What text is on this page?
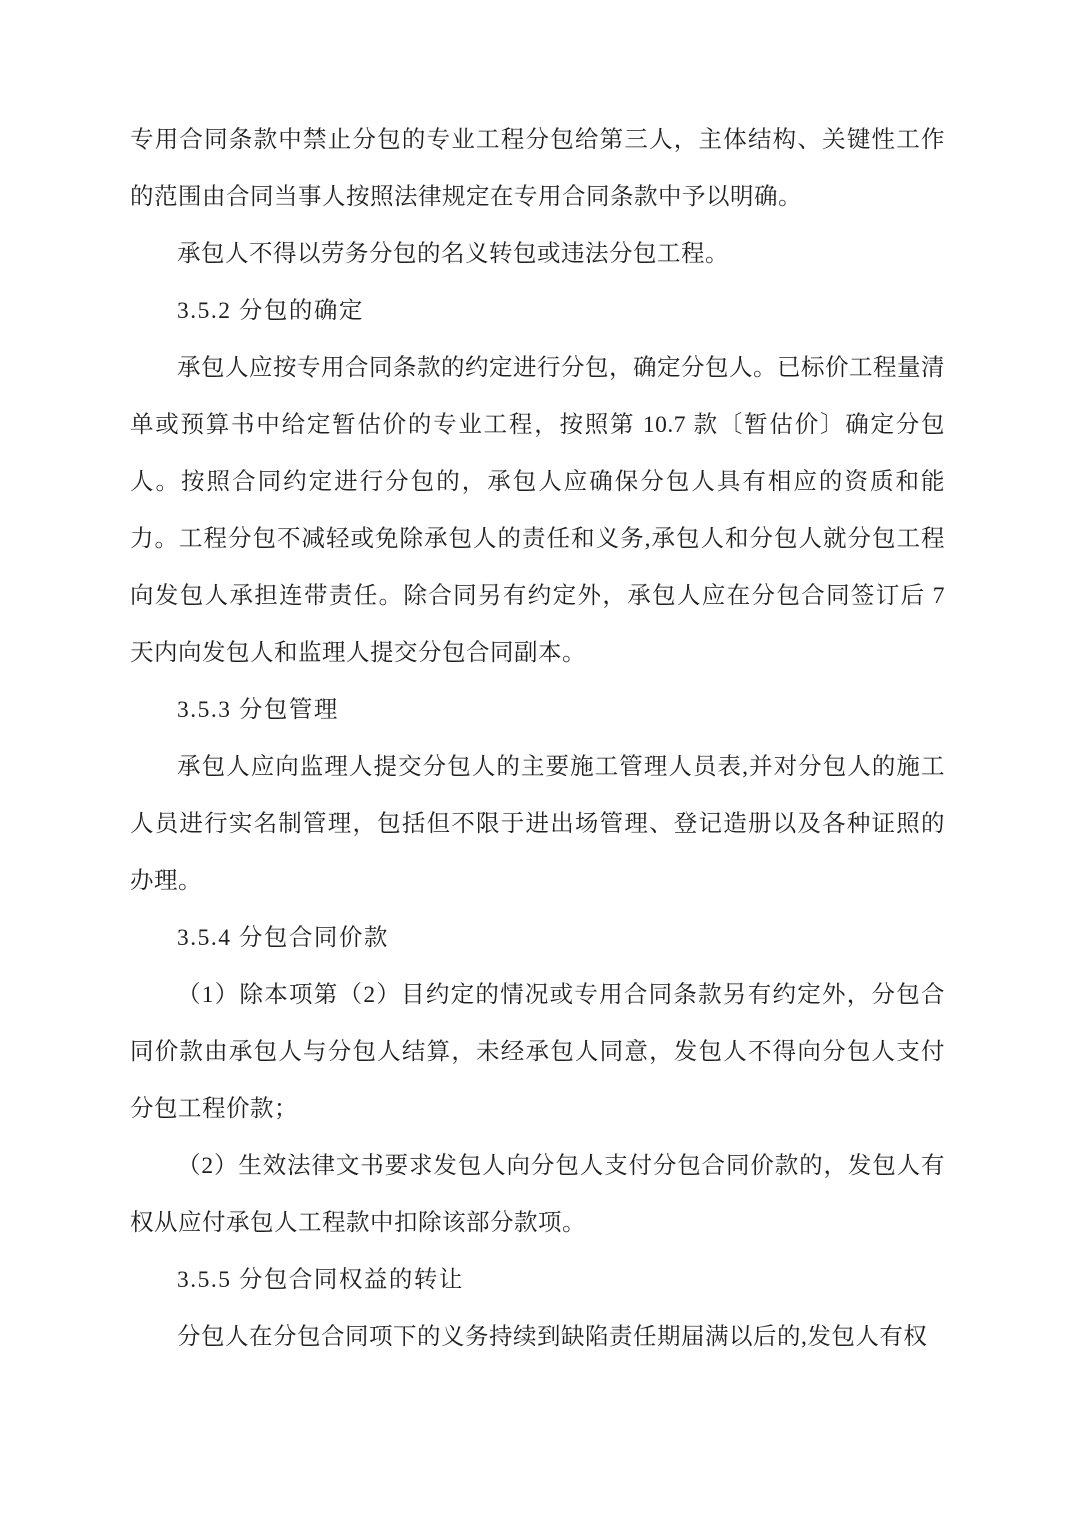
专用合同条款中禁止分包的专业工程分包给第三人，主体结构、关键性工作的范围由合同当事人按照法律规定在专用合同条款中予以明确。

承包人不得以劳务分包的名义转包或违法分包工程。

3.5.2 分包的确定

承包人应按专用合同条款的约定进行分包，确定分包人。已标价工程量清单或预算书中给定暂估价的专业工程，按照第 10.7 款〔暂估价〕确定分包人。按照合同约定进行分包的，承包人应确保分包人具有相应的资质和能力。工程分包不减轻或免除承包人的责任和义务,承包人和分包人就分包工程向发包人承担连带责任。除合同另有约定外，承包人应在分包合同签订后 7 天内向发包人和监理人提交分包合同副本。

3.5.3 分包管理

承包人应向监理人提交分包人的主要施工管理人员表,并对分包人的施工人员进行实名制管理，包括但不限于进出场管理、登记造册以及各种证照的办理。

3.5.4 分包合同价款

（1）除本项第（2）目约定的情况或专用合同条款另有约定外，分包合同价款由承包人与分包人结算，未经承包人同意，发包人不得向分包人支付分包工程价款；

（2）生效法律文书要求发包人向分包人支付分包合同价款的，发包人有权从应付承包人工程款中扣除该部分款项。

3.5.5 分包合同权益的转让

分包人在分包合同项下的义务持续到缺陷责任期届满以后的,发包人有权
